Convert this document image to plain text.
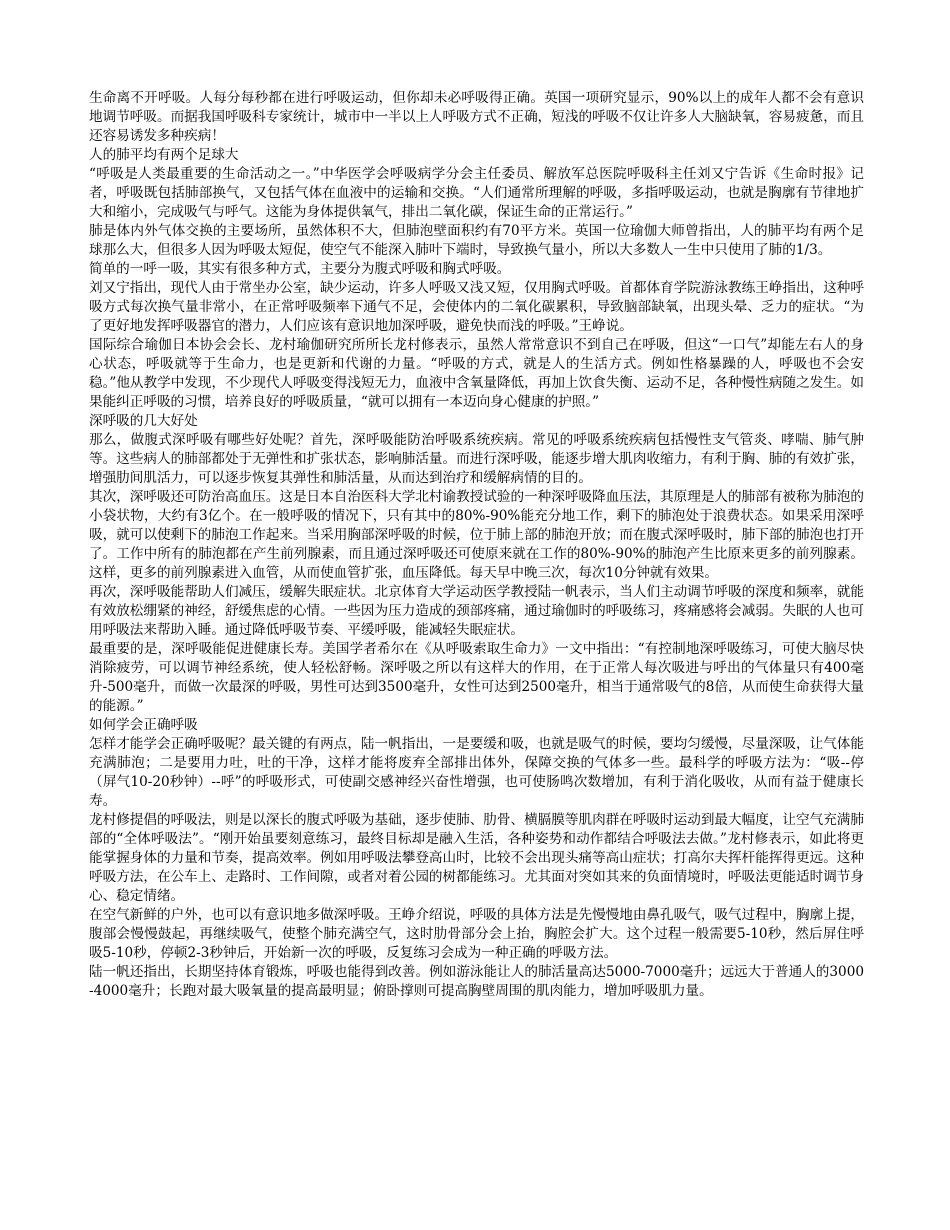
生命离不开呼吸。人每分每秒都在进行呼吸运动，但你却未必呼吸得正确。英国一项研究显示，90%以上的成年人都不会有意识地调节呼吸。而据我国呼吸科专家统计，城市中一半以上人呼吸方式不正确，短浅的呼吸不仅让许多人大脑缺氧，容易疲惫，而且还容易诱发多种疾病！

人的肺平均有两个足球大

“呼吸是人类最重要的生命活动之一。”中华医学会呼吸病学分会主任委员、解放军总医院呼吸科主任刘又宁告诉《生命时报》记者，呼吸既包括肺部换气，又包括气体在血液中的运输和交换。“人们通常所理解的呼吸，多指呼吸运动，也就是胸廓有节律地扩大和缩小，完成吸气与呼气。这能为身体提供氧气，排出二氧化碳，保证生命的正常运行。”

肺是体内外气体交换的主要场所，虽然体积不大，但肺泡壁面积约有70平方米。英国一位瑜伽大师曾指出，人的肺平均有两个足球那么大，但很多人因为呼吸太短促，使空气不能深入肺叶下端时，导致换气量小，所以大多数人一生中只使用了肺的1/3。

简单的一呼一吸，其实有很多种方式，主要分为腹式呼吸和胸式呼吸。

刘又宁指出，现代人由于常坐办公室，缺少运动，许多人呼吸又浅又短，仅用胸式呼吸。首都体育学院游泳教练王峥指出，这种呼吸方式每次换气量非常小，在正常呼吸频率下通气不足，会使体内的二氧化碳累积，导致脑部缺氧，出现头晕、乏力的症状。“为了更好地发挥呼吸器官的潜力，人们应该有意识地加深呼吸，避免快而浅的呼吸。”王峥说。

国际综合瑜伽日本协会会长、龙村瑜伽研究所所长龙村修表示，虽然人常常意识不到自己在呼吸，但这“一口气”却能左右人的身心状态，呼吸就等于生命力，也是更新和代谢的力量。“呼吸的方式，就是人的生活方式。例如性格暴躁的人，呼吸也不会安稳。”他从教学中发现，不少现代人呼吸变得浅短无力，血液中含氧量降低，再加上饮食失衡、运动不足，各种慢性病随之发生。如果能纠正呼吸的习惯，培养良好的呼吸质量，“就可以拥有一本迈向身心健康的护照。”

深呼吸的几大好处

那么，做腹式深呼吸有哪些好处呢？首先，深呼吸能防治呼吸系统疾病。常见的呼吸系统疾病包括慢性支气管炎、哮喘、肺气肿等。这些病人的肺部都处于无弹性和扩张状态，影响肺活量。而进行深呼吸，能逐步增大肌肉收缩力，有利于胸、肺的有效扩张，增强肋间肌活力，可以逐步恢复其弹性和肺活量，从而达到治疗和缓解病情的目的。

其次，深呼吸还可防治高血压。这是日本自治医科大学北村谕教授试验的一种深呼吸降血压法，其原理是人的肺部有被称为肺泡的小袋状物，大约有3亿个。在一般呼吸的情况下，只有其中的80%-90%能充分地工作，剩下的肺泡处于浪费状态。如果采用深呼吸，就可以使剩下的肺泡工作起来。当采用胸部深呼吸的时候，位于肺上部的肺泡开放；而在腹式深呼吸时，肺下部的肺泡也打开了。工作中所有的肺泡都在产生前列腺素，而且通过深呼吸还可使原来就在工作的80%-90%的肺泡产生比原来更多的前列腺素。这样，更多的前列腺素进入血管，从而使血管扩张，血压降低。每天早中晚三次，每次10分钟就有效果。

再次，深呼吸能帮助人们减压，缓解失眠症状。北京体育大学运动医学教授陆一帆表示，当人们主动调节呼吸的深度和频率，就能有效放松绷紧的神经，舒缓焦虑的心情。一些因为压力造成的颈部疼痛，通过瑜伽时的呼吸练习，疼痛感将会减弱。失眠的人也可用呼吸法来帮助入睡。通过降低呼吸节奏、平缓呼吸，能减轻失眠症状。

最重要的是，深呼吸能促进健康长寿。美国学者希尔在《从呼吸索取生命力》一文中指出：“有控制地深呼吸练习，可使大脑尽快消除疲劳，可以调节神经系统，使人轻松舒畅。深呼吸之所以有这样大的作用，在于正常人每次吸进与呼出的气体量只有400毫升-500毫升，而做一次最深的呼吸，男性可达到3500毫升，女性可达到2500毫升，相当于通常吸气的8倍，从而使生命获得大量的能源。”

如何学会正确呼吸

怎样才能学会正确呼吸呢？最关键的有两点，陆一帆指出，一是要缓和吸，也就是吸气的时候，要均匀缓慢，尽量深吸，让气体能充满肺泡；二是要用力吐，吐的干净，这样才能将废弃全部排出体外，保障交换的气体多一些。最科学的呼吸方法为：“吸--停（屏气10-20秒钟）--呼”的呼吸形式，可使副交感神经兴奋性增强，也可使肠鸣次数增加，有利于消化吸收，从而有益于健康长寿。

龙村修提倡的呼吸法，则是以深长的腹式呼吸为基础，逐步使肺、肋骨、横膈膜等肌肉群在呼吸时运动到最大幅度，让空气充满肺部的“全体呼吸法”。“刚开始虽要刻意练习，最终目标却是融入生活，各种姿势和动作都结合呼吸法去做。”龙村修表示，如此将更能掌握身体的力量和节奏，提高效率。例如用呼吸法攀登高山时，比较不会出现头痛等高山症状；打高尔夫挥杆能挥得更远。这种呼吸方法，在公车上、走路时、工作间隙，或者对着公园的树都能练习。尤其面对突如其来的负面情境时，呼吸法更能适时调节身心、稳定情绪。

在空气新鲜的户外，也可以有意识地多做深呼吸。王峥介绍说，呼吸的具体方法是先慢慢地由鼻孔吸气，吸气过程中，胸廓上提，腹部会慢慢鼓起，再继续吸气，使整个肺充满空气，这时肋骨部分会上抬，胸腔会扩大。这个过程一般需要5-10秒，然后屏住呼吸5-10秒，停顿2-3秒钟后，开始新一次的呼吸，反复练习会成为一种正确的呼吸方法。

陆一帆还指出，长期坚持体育锻炼，呼吸也能得到改善。例如游泳能让人的肺活量高达5000-7000毫升；远远大于普通人的3000-4000毫升；长跑对最大吸氧量的提高最明显；俯卧撑则可提高胸壁周围的肌肉能力，增加呼吸肌力量。
